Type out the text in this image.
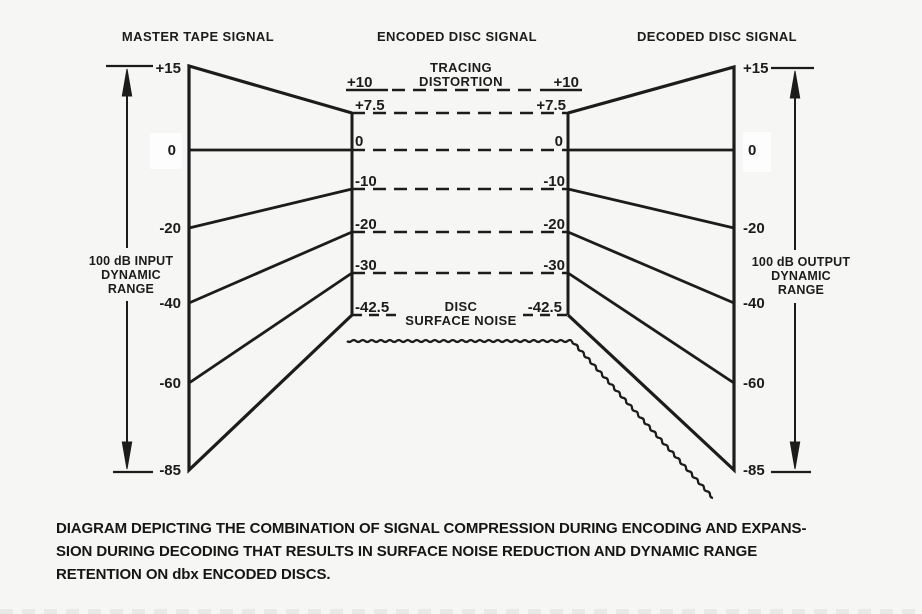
MASTER TAPE SIGNAL	ENCODED DISC SIGNAL	DECODED DISC SIGNAL
+15
0
-20
-40
-60
-85
+15
0
-20
-40
-60
-85
+10
+7.5
0
-10
-20
-30
-42.5
+10
+7.5
0
-10
-20
-30
-42.5
TRACING
DISTORTION
DISC
SURFACE NOISE
100 dB INPUT
DYNAMIC
RANGE
100 dB OUTPUT
DYNAMIC
RANGE
DIAGRAM DEPICTING THE COMBINATION OF SIGNAL COMPRESSION DURING ENCODING AND EXPANS-
SION DURING DECODING THAT RESULTS IN SURFACE NOISE REDUCTION AND DYNAMIC RANGE
RETENTION ON dbx ENCODED DISCS.
